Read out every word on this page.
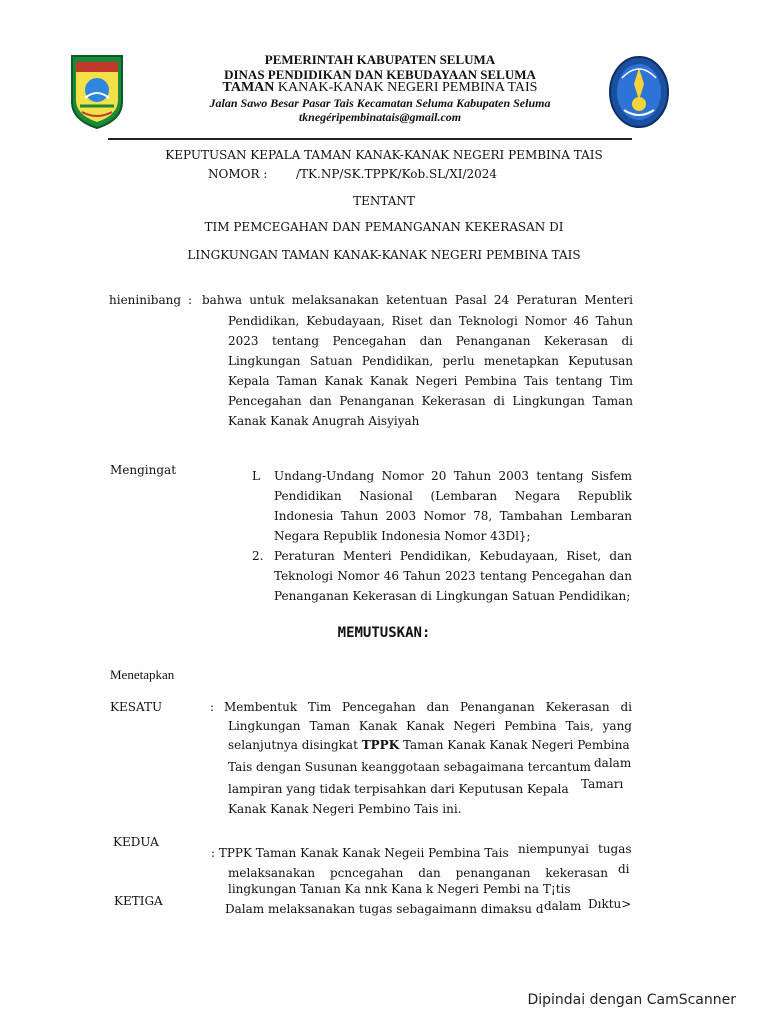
PEMERINTAH KABUPATEN SELUMA
DINAS PENDIDIKAN DAN KEBUDAYAAN SELUMA
TAMAN KANAK-KANAK NEGERI PEMBINA TAIS
Jalan Sawo Besar Pasar Tais Kecamatan Seluma Kabupaten Seluma
tknegéripembinatais@gmail.com
KEPUTUSAN KEPALA TAMAN KANAK-KANAK NEGERI PEMBINA TAIS
NOMOR : /TK.NP/SK.TPPK/Kob.SL/XI/2024
TENTANT
TIM PEMCEGAHAN DAN PEMANGANAN KEKERASAN DI
LINGKUNGAN TAMAN KANAK-KANAK NEGERI PEMBINA TAIS
hieninibang : bahwa untuk melaksanakan ketentuan Pasal 24 Peraturan Menteri
Pendidikan, Kebudayaan, Riset dan Teknologi Nomor 46 Tahun 2023 tentang Pencegahan dan Penanganan Kekerasan di Lingkungan Satuan Pendidikan, perlu menetapkan Keputusan Kepala Taman Kanak Kanak Negeri Pembina Tais tentang Tim Pencegahan dan Penanganan Kekerasan di Lingkungan Taman Kanak Kanak Anugrah Aisyiyah
Mengingat	L Undang-Undang Nomor 20 Tahun 2003 tentang Sisfem Pendidikan Nasional (Lembaran Negara Republik Indonesia Tahun 2003 Nomor 78, Tambahan Lembaran Negara Republik Indonesia Nomor 43Dl};
2. Peraturan Menteri Pendidikan, Kebudayaan, Riset, dan Teknologi Nomor 46 Tahun 2023 tentang Pencegahan dan Penanganan Kekerasan di Lingkungan Satuan Pendidikan;
MEMUTUSKAN:
Menetapkan
KESATU	: Membentuk Tim Pencegahan dan Penanganan Kekerasan di
Lingkungan Taman Kanak Kanak Negeri Pembina Tais, yang
selanjutnya disingkat TPPK Taman Kanak Kanak Negeri Pembina
Tais dengan Susunan keanggotaan sebagaimana tercantum dalam
lampiran yang tidak terpisahkan dari Keputusan Kepala Tamarı
Kanak Kanak Negeri Pembino Tais ini.
KEDUA
: TPPK Taman Kanak Kanak Negeii Pembina Tais niempunyai tugas
melaksanakan pcncegahan dan penanganan kekerasan di
lingkungan Tanıan Ka nnk Kana k Negeri Pembi na T¡tis
KETIGA
Dalam melaksanakan tugas sebagaimann dimaksu d dalam Dıktu>
Dipindai dengan CamScanner
